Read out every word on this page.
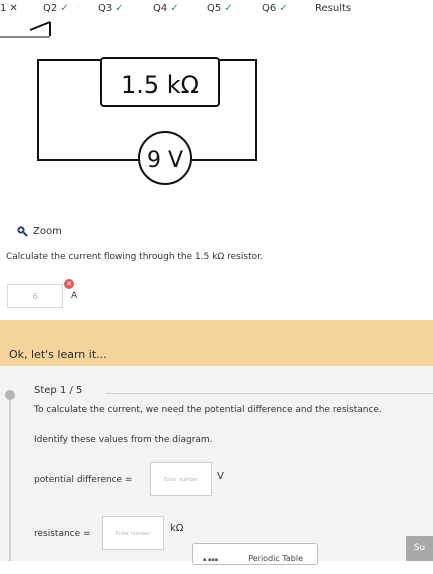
1 ✕	Q2 ✓	Q3 ✓	Q4 ✓	Q5 ✓	Q6 ✓	Results
1.5 kΩ
9 V
Zoom
Calculate the current flowing through the 1.5 kΩ resistor.
6
✕
A
Ok, let's learn it...
Step 1 / 5
To calculate the current, we need the potential difference and the resistance.
Identify these values from the diagram.
potential difference =	Enter number	V
resistance =	Enter number	kΩ
▪ ▪▪▪	Periodic Table
Su
